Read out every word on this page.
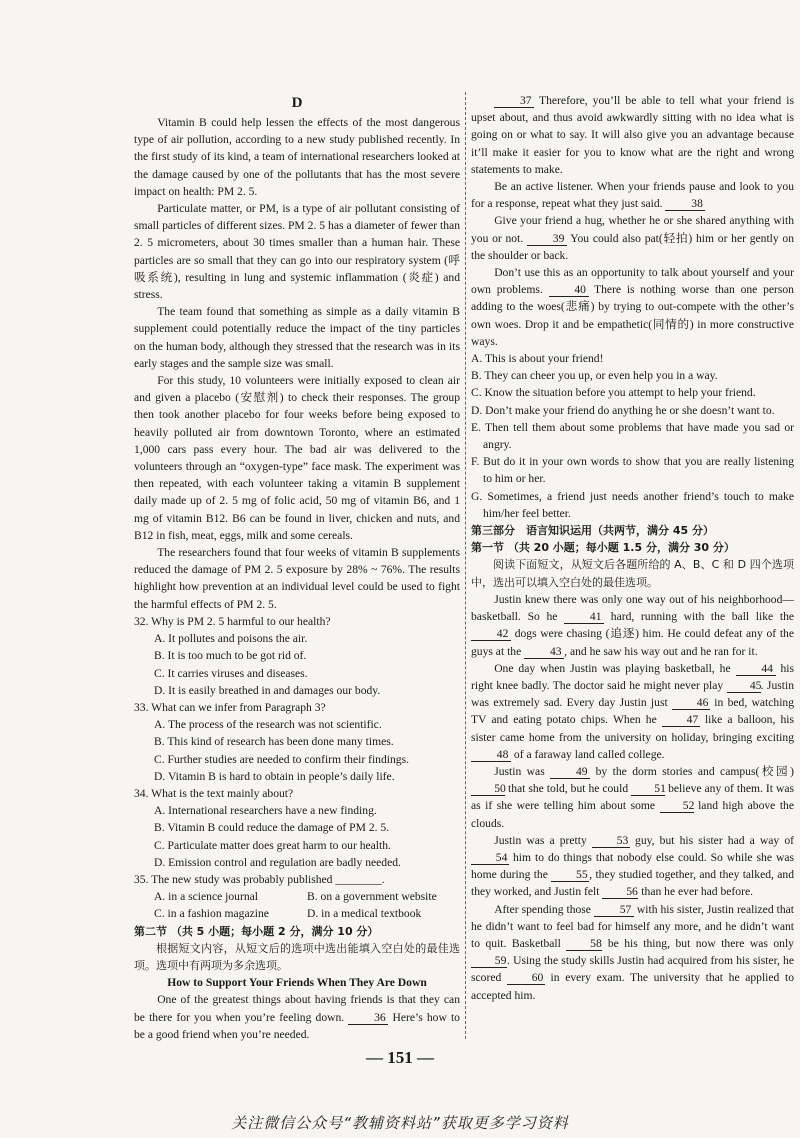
D

Vitamin B could help lessen the effects of the most dangerous type of air pollution, according to a new study published recently. In the first study of its kind, a team of international researchers looked at the damage caused by one of the pollutants that has the most severe impact on health: PM 2. 5.

Particulate matter, or PM, is a type of air pollutant consisting of small particles of different sizes. PM 2. 5 has a diameter of fewer than 2. 5 micrometers, about 30 times smaller than a human hair. These particles are so small that they can go into our respiratory system (呼吸系统), resulting in lung and systemic inflammation (炎症) and stress.

The team found that something as simple as a daily vitamin B supplement could potentially reduce the impact of the tiny particles on the human body, although they stressed that the research was in its early stages and the sample size was small.

For this study, 10 volunteers were initially exposed to clean air and given a placebo (安慰剂) to check their responses. The group then took another placebo for four weeks before being exposed to heavily polluted air from downtown Toronto, where an estimated 1,000 cars pass every hour. The bad air was delivered to the volunteers through an “oxygen-type” face mask. The experiment was then repeated, with each volunteer taking a vitamin B supplement daily made up of 2. 5 mg of folic acid, 50 mg of vitamin B6, and 1 mg of vitamin B12. B6 can be found in liver, chicken and nuts, and B12 in fish, meat, eggs, milk and some cereals.

The researchers found that four weeks of vitamin B supplements reduced the damage of PM 2. 5 exposure by 28% ~ 76%. The results highlight how prevention at an individual level could be used to fight the harmful effects of PM 2. 5.

32. Why is PM 2. 5 harmful to our health?

A. It pollutes and poisons the air.

B. It is too much to be got rid of.

C. It carries viruses and diseases.

D. It is easily breathed in and damages our body.

33. What can we infer from Paragraph 3?

A. The process of the research was not scientific.

B. This kind of research has been done many times.

C. Further studies are needed to confirm their findings.

D. Vitamin B is hard to obtain in people’s daily life.

34. What is the text mainly about?

A. International researchers have a new finding.

B. Vitamin B could reduce the damage of PM 2. 5.

C. Particulate matter does great harm to our health.

D. Emission control and regulation are badly needed.

35. The new study was probably published ________.

A. in a science journal	B. on a government website
C. in a fashion magazine	D. in a medical textbook

第二节 （共 5 小题；每小题 2 分，满分 10 分）

根据短文内容，从短文后的选项中选出能填入空白处的最佳选项。选项中有两项为多余选项。

How to Support Your Friends When They Are Down

One of the greatest things about having friends is that they can be there for you when you’re feeling down.	36 Here’s how to be a good friend when you’re needed.

37 Therefore, you’ll be able to tell what your friend is upset about, and thus avoid awkwardly sitting with no idea what is going on or what to say. It will also give you an advantage because it’ll make it easier for you to know what are the right and wrong statements to make.

Be an active listener. When your friends pause and look to you for a response, repeat what they just said. 38

Give your friend a hug, whether he or she shared anything with you or not.	39 You could also pat(轻拍) him or her gently on the shoulder or back.

Don’t use this as an opportunity to talk about yourself and your own problems.	40 There is nothing worse than one person adding to the woes(悲痛) by trying to out-compete with the other’s own woes. Drop it and be empathetic(同情的) in more constructive ways.

A. This is about your friend!

B. They can cheer you up, or even help you in a way.

C. Know the situation before you attempt to help your friend.

D. Don’t make your friend do anything he or she doesn’t want to.

E. Then tell them about some problems that have made you sad or angry.

F. But do it in your own words to show that you are really listening to him or her.

G. Sometimes, a friend just needs another friend’s touch to make him/her feel better.

第三部分　语言知识运用（共两节，满分 45 分）

第一节 （共 20 小题；每小题 1.5 分，满分 30 分）

阅读下面短文，从短文后各题所给的 A、B、C 和 D 四个选项中，选出可以填入空白处的最佳选项。

Justin knew there was only one way out of his neighborhood—basketball. So he	41 hard, running with the ball like the 42 dogs were chasing (追逐) him. He could defeat any of the guys at the 43 , and he saw his way out and he ran for it.

One day when Justin was playing basketball, he	44 his right knee badly. The doctor said he might never play 45. Justin was extremely sad. Every day Justin just	46 in bed, watching TV and eating potato chips. When he	47 like a balloon, his sister came home from the university on holiday, bringing exciting 48 of a faraway land called college.

Justin was	49 by the dorm stories and campus(校园) 50 that she told, but he could 51 believe any of them. It was as if she were telling him about some 52 land high above the clouds.

Justin was a pretty	53 guy, but his sister had a way of 54 him to do things that nobody else could. So while she was home during the 55 , they studied together, and they talked, and they worked, and Justin felt 56 than he ever had before.

After spending those 57 with his sister, Justin realized that he didn’t want to feel bad for himself any more, and he didn’t want to quit. Basketball	58 be his thing, but now there was only 59. Using the study skills Justin had acquired from his sister, he scored	60 in every exam. The university that he applied to accepted him.

— 151 —
关注微信公众号“教辅资料站”获取更多学习资料
